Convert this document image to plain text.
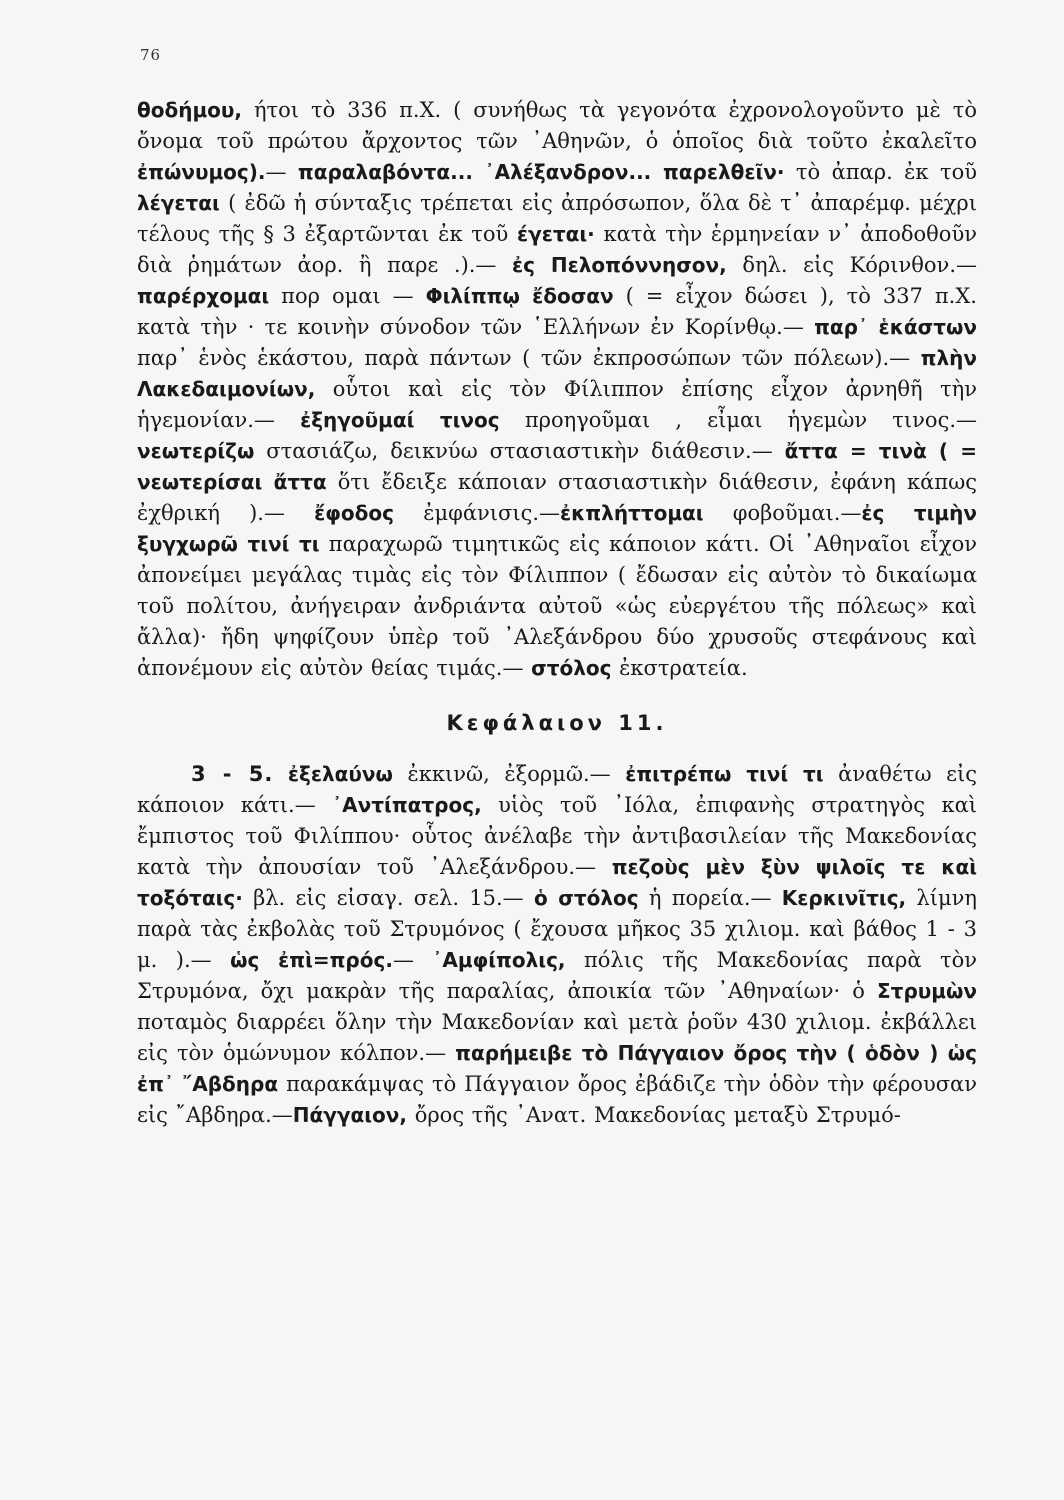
76

θοδήμου, ήτοι τὸ 336 π.Χ. ( συνήθως τὰ γεγονότα ἐχρονολογοῦντο μὲ τὸ ὄνομα τοῦ πρώτου ἄρχοντος τῶν ᾿Αθηνῶν, ὁ ὁποῖος διὰ τοῦτο ἐκαλεῖτο ἐπώνυμος).— παραλαβόντα... ᾿Αλέξανδρον... παρελθεῖν· τὸ ἀπαρ. ἐκ τοῦ λέγεται ( ἐδῶ ἡ σύνταξις τρέπεται εἰς ἀπρόσωπον, ὅλα δὲ τ᾿ ἀπαρέμφ. μέχρι τέλους τῆς § 3 ἐξαρτῶνται ἐκ τοῦ έγεται· κατὰ τὴν ἑρμηνείαν ν᾿ ἀποδοθοῦν διὰ ῥημάτων ἀορ. ἢ παρε .).— ἐς Πελοπόννησον, δηλ. εἰς Κόρινθον.— παρέρχομαι πορ ομαι — Φιλίππῳ ἔδοσαν ( = εἶχον δώσει ), τὸ 337 π.Χ. κατὰ τὴν · τε κοινὴν σύνοδον τῶν ῾Ελλήνων ἐν Κορίνθῳ.— παρ᾿ ἑκάστων παρ᾿ ἑνὸς ἑκάστου, παρὰ πάντων ( τῶν ἐκπροσώπων τῶν πόλεων).— πλὴν Λακεδαιμονίων, οὗτοι καὶ εἰς τὸν Φίλιππον ἐπίσης εἶχον ἀρνηθῆ τὴν ἡγεμονίαν.— ἐξηγοῦμαί τινος προηγοῦμαι , εἶμαι ἡγεμὼν τινος.— νεωτερίζω στασιάζω, δεικνύω στασιαστικὴν διάθεσιν.— ἄττα = τινὰ ( = νεωτερίσαι ἄττα ὅτι ἔδειξε κάποιαν στασιαστικὴν διάθεσιν, ἐφάνη κάπως ἐχθρική ).— ἔφοδος ἐμφάνισις.—ἐκπλήττομαι φοβοῦμαι.—ἐς τιμὴν ξυγχωρῶ τινί τι παραχωρῶ τιμητικῶς εἰς κάποιον κάτι. Οἱ ᾿Αθηναῖοι εἶχον ἀπονείμει μεγάλας τιμὰς εἰς τὸν Φίλιππον ( ἔδωσαν εἰς αὐτὸν τὸ δικαίωμα τοῦ πολίτου, ἀνήγειραν ἀνδριάντα αὐτοῦ «ὡς εὐεργέτου τῆς πόλεως» καὶ ἄλλα)· ἤδη ψηφίζουν ὑπὲρ τοῦ ᾿Αλεξάνδρου δύο χρυσοῦς στεφάνους καὶ ἀπονέμουν εἰς αὐτὸν θείας τιμάς.— στόλος ἐκστρατεία.

Κεφάλαιον 11.

3 - 5. ἐξελαύνω ἐκκινῶ, ἐξορμῶ.— ἐπιτρέπω τινί τι ἀναθέτω εἰς κάποιον κάτι.— ᾿Αντίπατρος, υἱὸς τοῦ ᾿Ιόλα, ἐπιφανὴς στρατηγὸς καὶ ἔμπιστος τοῦ Φιλίππου· οὗτος ἀνέλαβε τὴν ἀντιβασιλείαν τῆς Μακεδονίας κατὰ τὴν ἀπουσίαν τοῦ ᾿Αλεξάνδρου.— πεζοὺς μὲν ξὺν ψιλοῖς τε καὶ τοξόταις· βλ. εἰς εἰσαγ. σελ. 15.— ὁ στόλος ἡ πορεία.— Κερκινῖτις, λίμνη παρὰ τὰς ἐκβολὰς τοῦ Στρυμόνος ( ἔχουσα μῆκος 35 χιλιομ. καὶ βάθος 1 - 3 μ. ).— ὡς ἐπὶ=πρός.— ᾿Αμφίπολις, πόλις τῆς Μακεδονίας παρὰ τὸν Στρυμόνα, ὄχι μακρὰν τῆς παραλίας, ἀποικία τῶν ᾿Αθηναίων· ὁ Στρυμὼν ποταμὸς διαρρέει ὅλην τὴν Μακεδονίαν καὶ μετὰ ῥοῦν 430 χιλιομ. ἐκβάλλει εἰς τὸν ὁμώνυμον κόλπον.— παρήμειβε τὸ Πάγγαιον ὄρος τὴν ( ὁδὸν ) ὡς ἐπ᾿ ῎Αβδηρα παρακάμψας τὸ Πάγγαιον ὄρος ἐβάδιζε τὴν ὁδὸν τὴν φέρουσαν εἰς ῎Αβδηρα.—Πάγγαιον, ὄρος τῆς ᾿Ανατ. Μακεδονίας μεταξὺ Στρυμό-
